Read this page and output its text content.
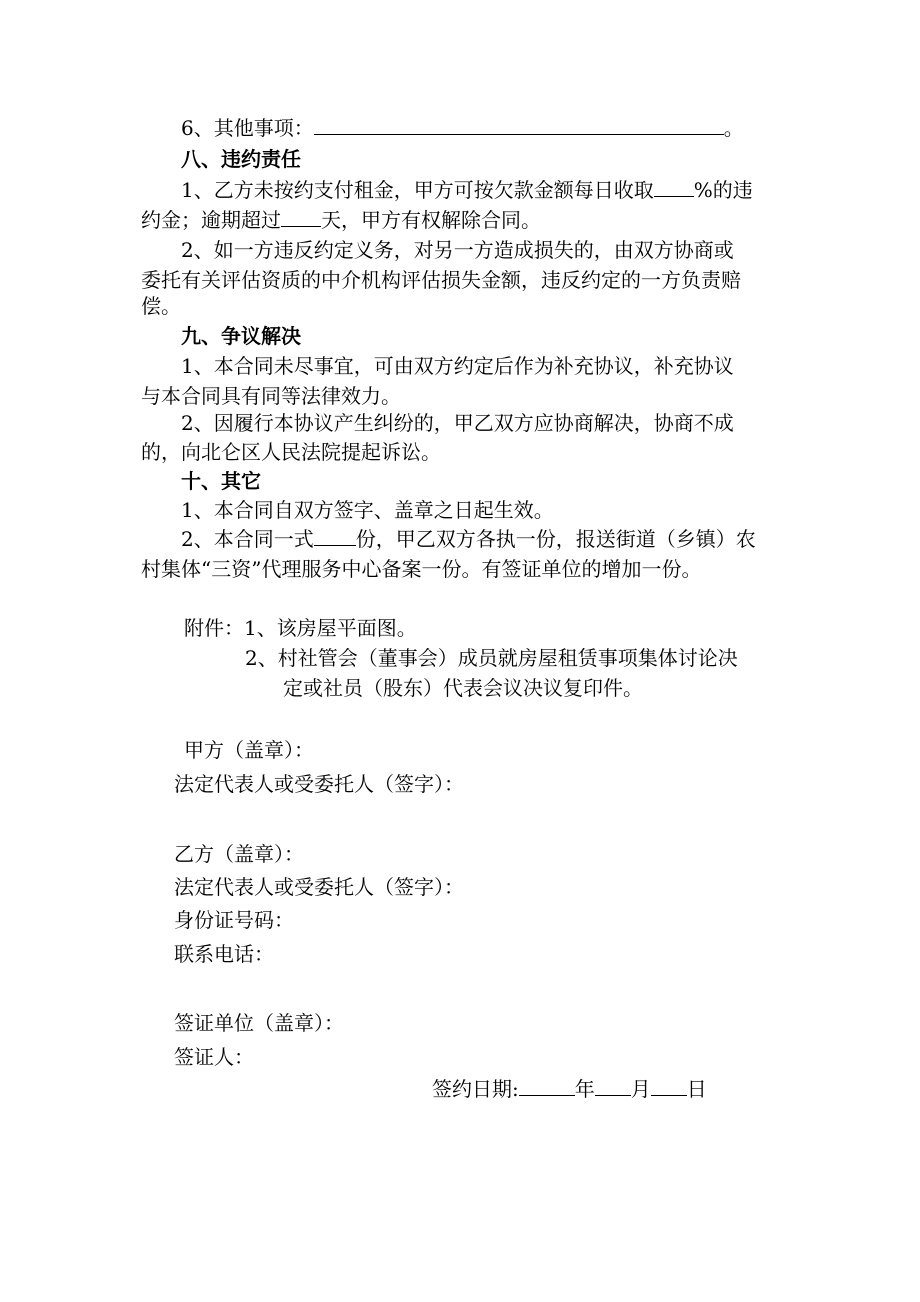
6、其他事项：	。
八、违约责任
1、乙方未按约支付租金，甲方可按欠款金额每日收取 %的违
约金；逾期超过 天，甲方有权解除合同。
2、如一方违反约定义务，对另一方造成损失的，由双方协商或
委托有关评估资质的中介机构评估损失金额，违反约定的一方负责赔
偿。
九、争议解决
1、本合同未尽事宜，可由双方约定后作为补充协议，补充协议
与本合同具有同等法律效力。
2、因履行本协议产生纠纷的，甲乙双方应协商解决，协商不成
的，向北仑区人民法院提起诉讼。
十、其它
1、本合同自双方签字、盖章之日起生效。
2、本合同一式 份，甲乙双方各执一份，报送街道（乡镇）农
村集体“三资”代理服务中心备案一份。有签证单位的增加一份。
附件：1、该房屋平面图。
2、村社管会（董事会）成员就房屋租赁事项集体讨论决
定或社员（股东）代表会议决议复印件。
甲方（盖章）：
法定代表人或受委托人（签字）：
乙方（盖章）：
法定代表人或受委托人（签字）：
身份证号码：
联系电话：
签证单位（盖章）：
签证人：
签约日期:	年 月 日
